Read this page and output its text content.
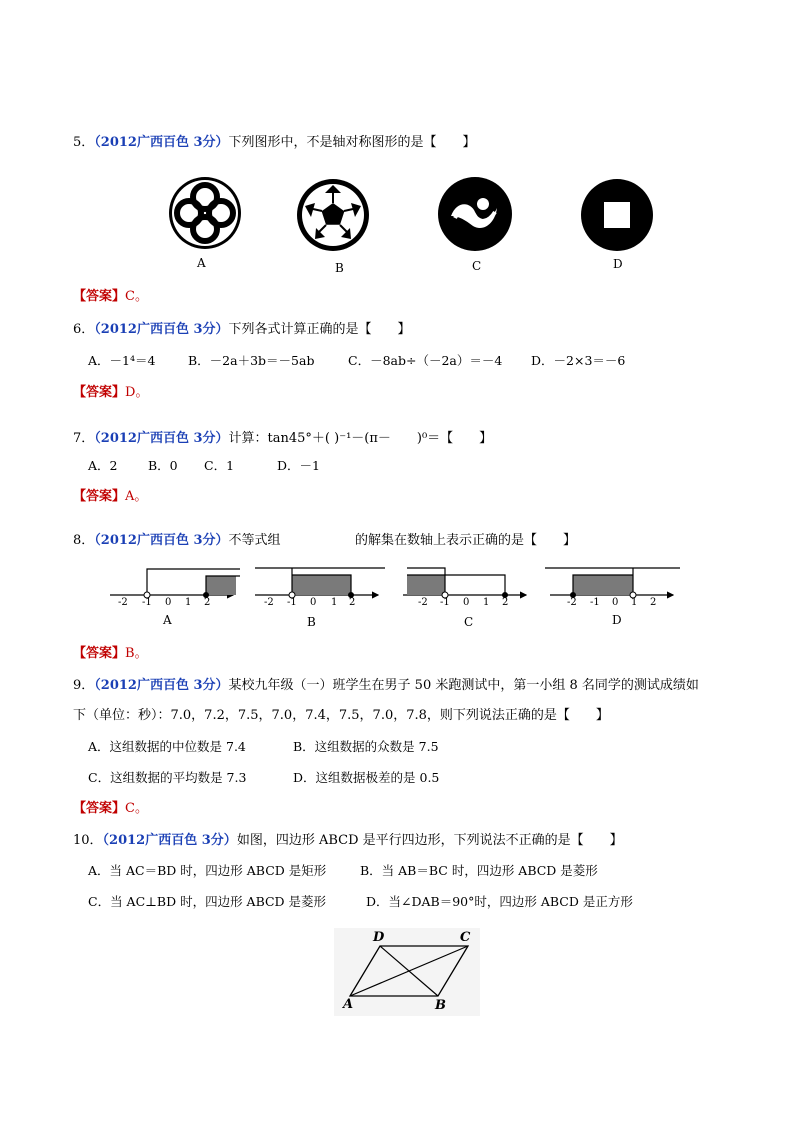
5．（2012广西百色 3分）下列图形中，不是轴对称图形的是【　　】
A	B	C	D
【答案】C。
6．（2012广西百色 3分）下列各式计算正确的是【　　】
A．－1⁴＝4	B．－2a＋3b＝－5ab	C．－8ab÷（－2a）＝－4 D．－2×3＝－6
【答案】D。
7．（2012广西百色 3分）计算：tan45°＋( )⁻¹－(π－　　)⁰＝【　　】
A．2 B．0 C．1	D．－1
【答案】A。
8．（2012广西百色 3分）不等式组	的解集在数轴上表示正确的是【　　】
-2 -1 0 1 2	-2 -1 0 1 2	-2 -1 0 1 2	-2 -1 0 1 2
A	B	C	D
【答案】B。
9．（2012广西百色 3分）某校九年级（一）班学生在男子 50 米跑测试中，第一小组 8 名同学的测试成绩如
下（单位：秒）：7.0，7.2，7.5，7.0，7.4，7.5，7.0，7.8，则下列说法正确的是【　　】
A．这组数据的中位数是 7.4	B．这组数据的众数是 7.5
C．这组数据的平均数是 7.3	D．这组数据极差的是 0.5
【答案】C。
10．（2012广西百色 3分）如图，四边形 ABCD 是平行四边形，下列说法不正确的是【　　】
A．当 AC＝BD 时，四边形 ABCD 是矩形	B．当 AB＝BC 时，四边形 ABCD 是菱形
C．当 AC⊥BD 时，四边形 ABCD 是菱形	D．当∠DAB＝90°时，四边形 ABCD 是正方形
D	C
A	B
